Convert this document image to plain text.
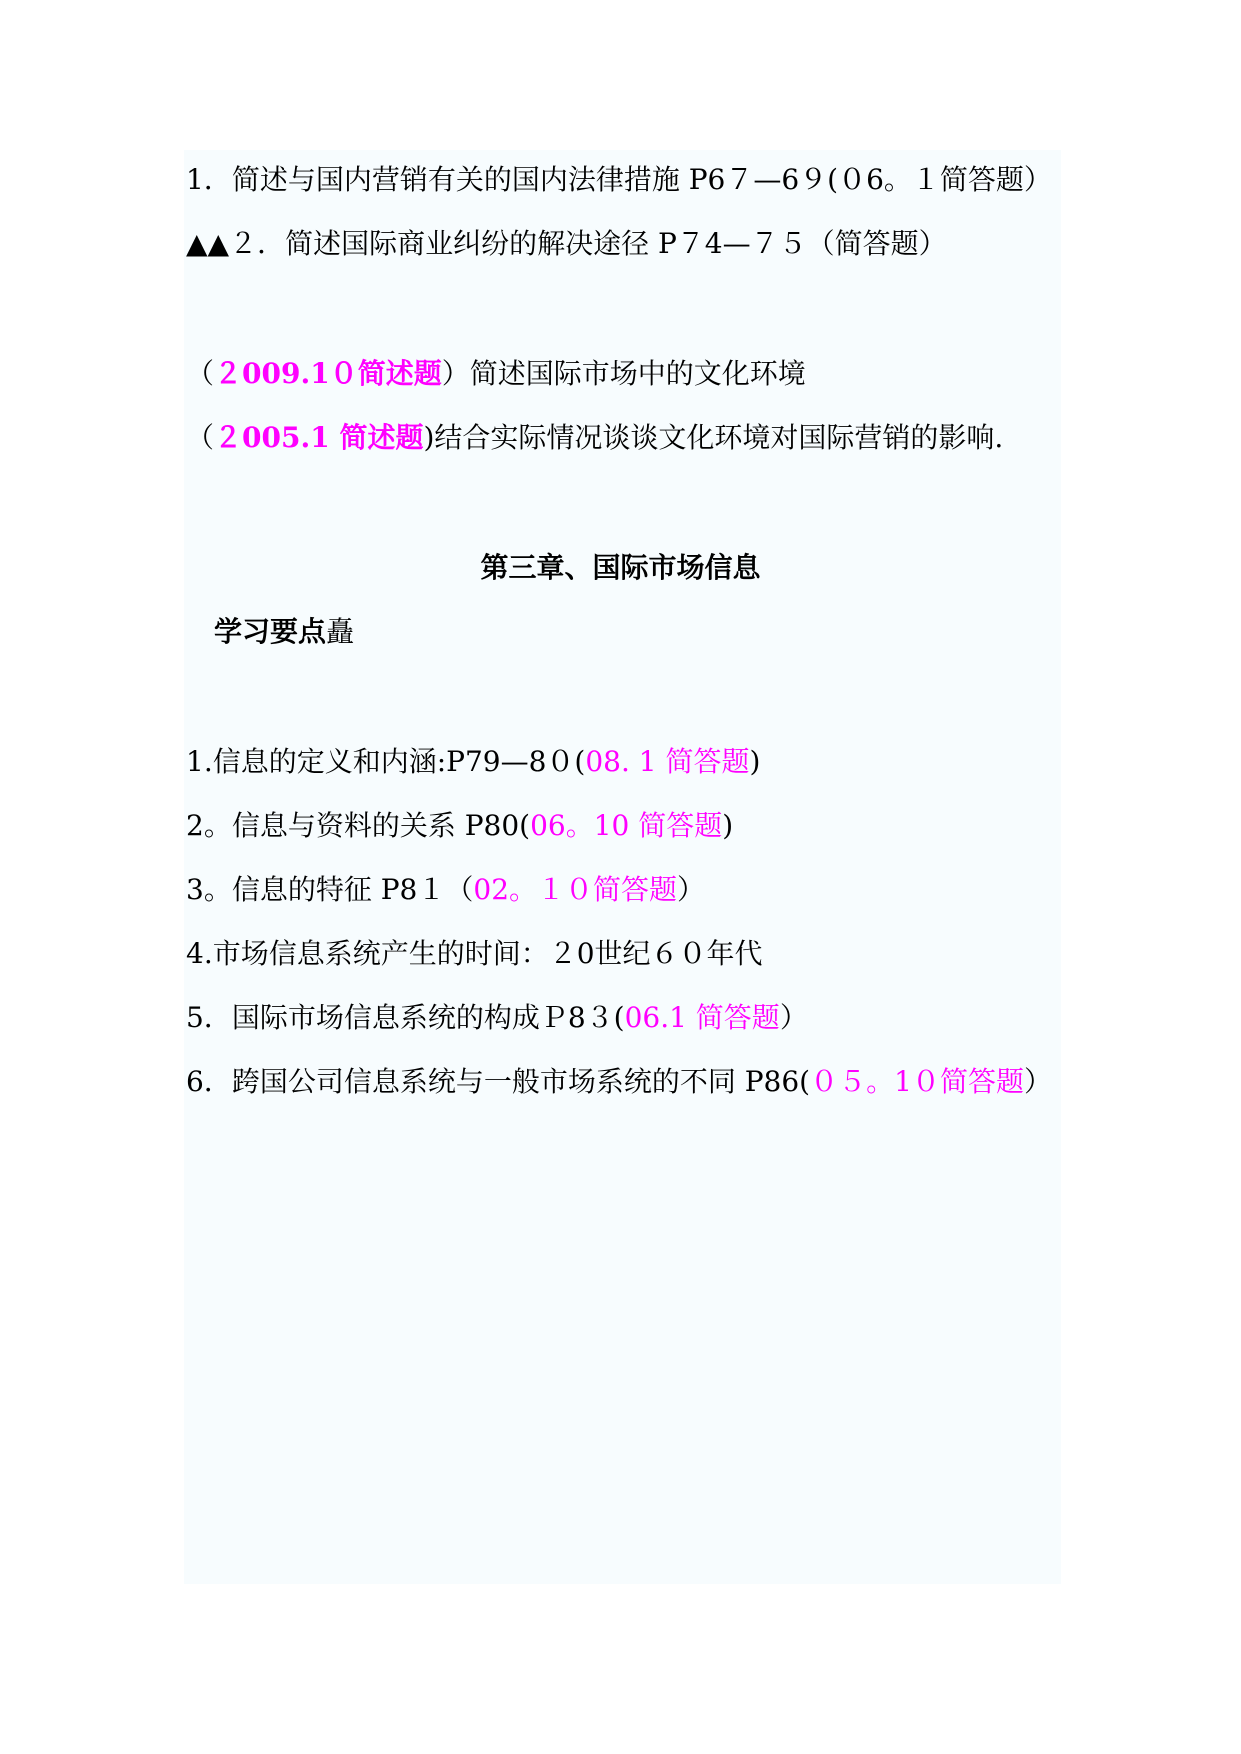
1．简述与国内营销有关的国内法律措施 P6７—6９(０6。１简答题）
▲▲２．简述国际商业纠纷的解决途径 P７4—７５（简答题）
（２009.1０简述题）简述国际市场中的文化环境
（２005.1 简述题)结合实际情况谈谈文化环境对国际营销的影响.
第三章、国际市场信息
学习要点矗
1.信息的定义和内涵:P79—8０(08. 1 简答题)
2。信息与资料的关系 P80(06。10 简答题)
3。信息的特征 P8１（02。１０简答题）
4.市场信息系统产生的时间：２0世纪６０年代
5．国际市场信息系统的构成Ｐ8３(06.1 简答题）
6．跨国公司信息系统与一般市场系统的不同 P86(０５。1０简答题）
